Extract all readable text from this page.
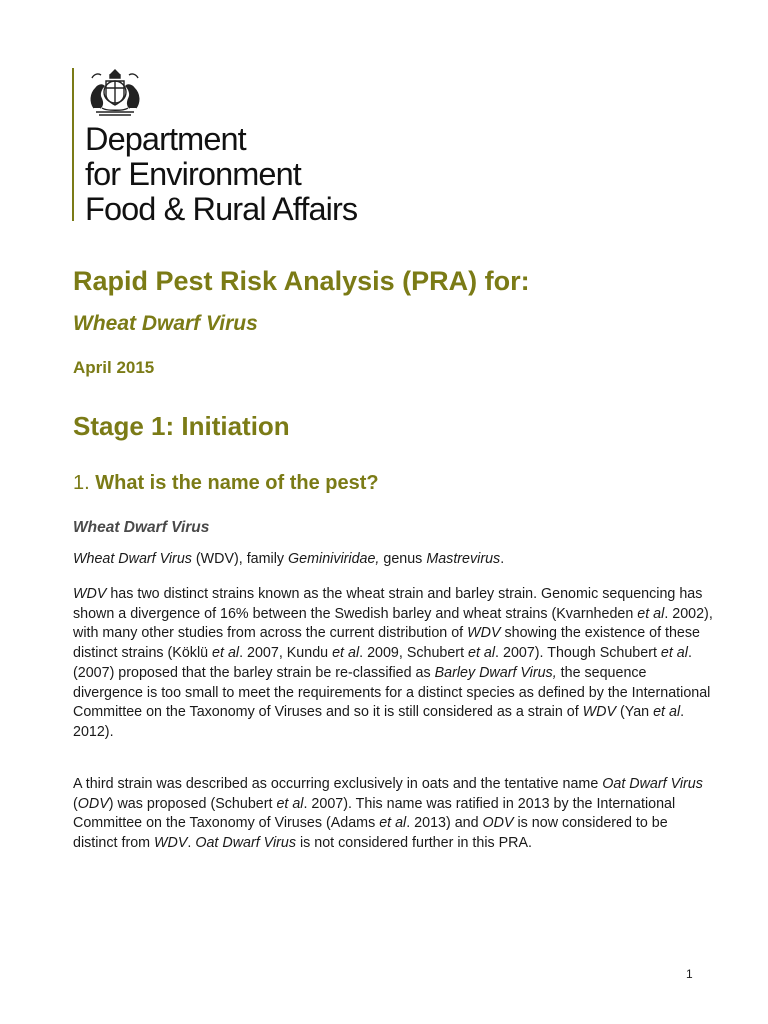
Department
for Environment
Food & Rural Affairs
Rapid Pest Risk Analysis (PRA) for:
Wheat Dwarf Virus
April 2015
Stage 1: Initiation
1. What is the name of the pest?
Wheat Dwarf Virus

Wheat Dwarf Virus (WDV), family Geminiviridae, genus Mastrevirus.

WDV has two distinct strains known as the wheat strain and barley strain. Genomic sequencing has shown a divergence of 16% between the Swedish barley and wheat strains (Kvarnheden et al. 2002), with many other studies from across the current distribution of WDV showing the existence of these distinct strains (Köklü et al. 2007, Kundu et al. 2009, Schubert et al. 2007). Though Schubert et al. (2007) proposed that the barley strain be re-classified as Barley Dwarf Virus, the sequence divergence is too small to meet the requirements for a distinct species as defined by the International Committee on the Taxonomy of Viruses and so it is still considered as a strain of WDV (Yan et al. 2012).

A third strain was described as occurring exclusively in oats and the tentative name Oat Dwarf Virus (ODV) was proposed (Schubert et al. 2007). This name was ratified in 2013 by the International Committee on the Taxonomy of Viruses (Adams et al. 2013) and ODV is now considered to be distinct from WDV. Oat Dwarf Virus is not considered further in this PRA.

1
